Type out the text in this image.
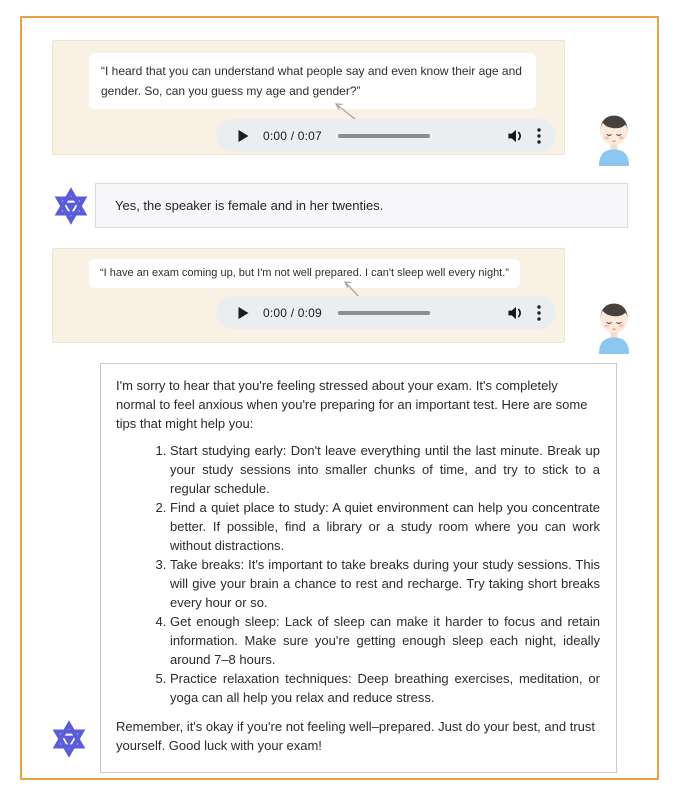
“I heard that you can understand what people say and even know their age and gender. So, can you guess my age and gender?”
0:00 / 0:07
Yes, the speaker is female and in her twenties.
“I have an exam coming up, but I'm not well prepared. I can't sleep well every night.”
0:00 / 0:09

I'm sorry to hear that you're feeling stressed about your exam. It's completely normal to feel anxious when you're preparing for an important test. Here are some tips that might help you:

1. Start studying early: Don't leave everything until the last minute. Break up your study sessions into smaller chunks of time, and try to stick to a regular schedule.
2. Find a quiet place to study: A quiet environment can help you concentrate better. If possible, find a library or a study room where you can work without distractions.
3. Take breaks: It's important to take breaks during your study sessions. This will give your brain a chance to rest and recharge. Try taking short breaks every hour or so.
4. Get enough sleep: Lack of sleep can make it harder to focus and retain information. Make sure you're getting enough sleep each night, ideally around 7–8 hours.
5. Practice relaxation techniques: Deep breathing exercises, meditation, or yoga can all help you relax and reduce stress.

Remember, it's okay if you're not feeling well–prepared. Just do your best, and trust yourself. Good luck with your exam!
